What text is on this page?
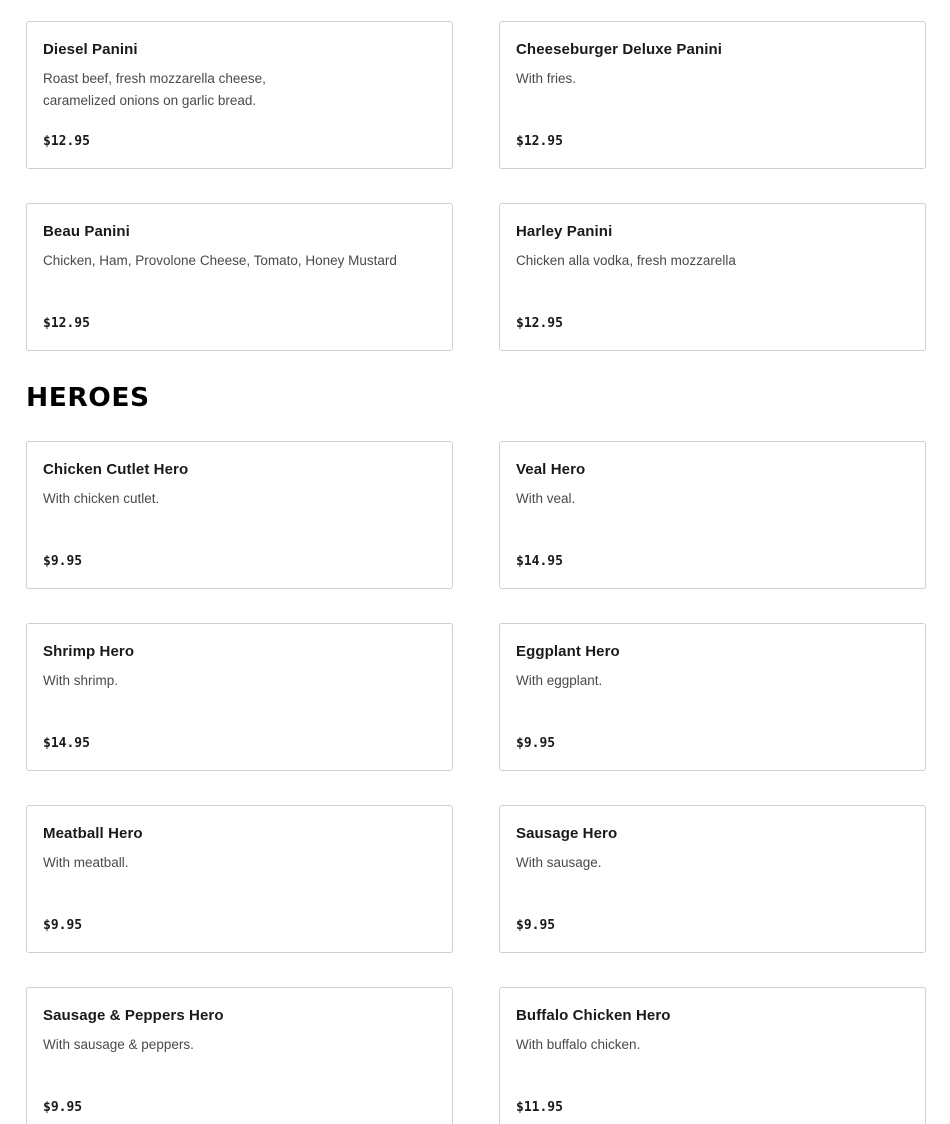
Diesel Panini
Roast beef, fresh mozzarella cheese, caramelized onions on garlic bread.
$12.95
Cheeseburger Deluxe Panini
With fries.
$12.95
Beau Panini
Chicken, Ham, Provolone Cheese, Tomato, Honey Mustard
$12.95
Harley Panini
Chicken alla vodka, fresh mozzarella
$12.95
HEROES
Chicken Cutlet Hero
With chicken cutlet.
$9.95
Veal Hero
With veal.
$14.95
Shrimp Hero
With shrimp.
$14.95
Eggplant Hero
With eggplant.
$9.95
Meatball Hero
With meatball.
$9.95
Sausage Hero
With sausage.
$9.95
Sausage & Peppers Hero
With sausage & peppers.
$9.95
Buffalo Chicken Hero
With buffalo chicken.
$11.95
